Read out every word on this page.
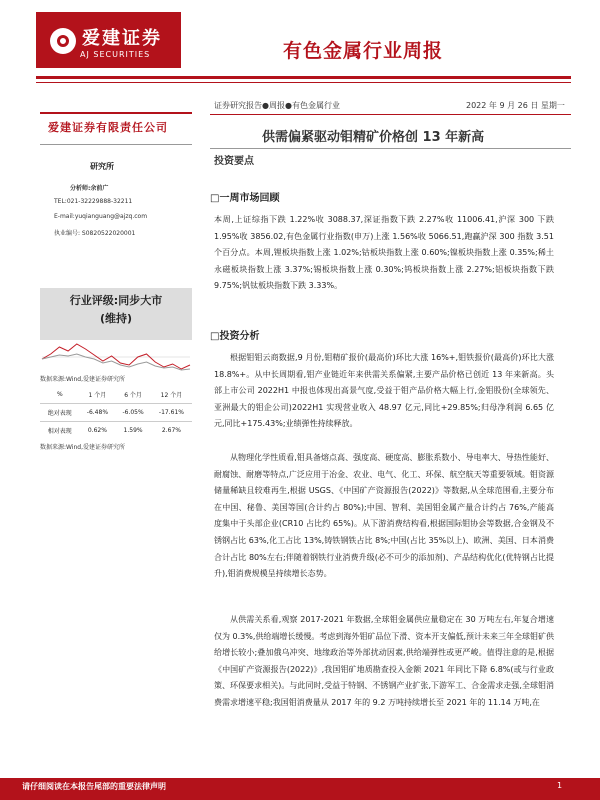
爱建证券
AJ SECURITIES	有色金属行业周报
证券研究报告●周报●有色金属行业	2022 年 9 月 26 日 星期一
爱建证券有限责任公司
研究所
分析师:余前广
TEL:021-32229888-32211
E-mail:yuqianguang@ajzq.com
执业编号: S0820522020001
行业评级:同步大市
(维持)
数据来源:Wind,爱建证券研究所
%	1 个月	6 个月	12 个月
绝对表现	-6.48%	-6.05%	-17.61%
相对表现	0.62%	1.59%	2.67%
数据来源:Wind,爱建证券研究所
供需偏紧驱动钼精矿价格创 13 年新高
投资要点
□一周市场回顾
本周,上证综指下跌 1.22%收 3088.37,深证指数下跌 2.27%收 11006.41,沪深 300 下跌 1.95%收 3856.02,有色金属行业指数(申万)上涨 1.56%收 5066.51,跑赢沪深 300 指数 3.51 个百分点。本周,锂板块指数上涨 1.02%;钴板块指数上涨 0.60%;镍板块指数上涨 0.35%;稀土永磁板块指数上涨 3.37%;锡板块指数上涨 0.30%;钨板块指数上涨 2.27%;铝板块指数下跌 9.75%;钒钛板块指数下跌 3.33%。
□投资分析
根据钼钼云商数据,9 月份,钼精矿报价(最高价)环比大涨 16%+,钼铁报价(最高价)环比大涨 18.8%+。从中长周期看,钼产业链近年来供需关系偏紧,主要产品价格已创近 13 年来新高。头部上市公司 2022H1 中报也体现出高景气度,受益于钼产品价格大幅上行,金钼股份(全球领先、亚洲最大的钼企公司)2022H1 实现营业收入 48.97 亿元,同比+29.85%;归母净利润 6.65 亿元,同比+175.43%;业绩弹性持续释放。
从物理化学性质看,钼具备熔点高、强度高、硬度高、膨胀系数小、导电率大、导热性能好、耐腐蚀、耐磨等特点,广泛应用于冶金、农业、电气、化工、环保、航空航天等重要领域。钼资源储量稀缺且较难再生,根据 USGS、《中国矿产资源报告(2022)》等数据,从全球范围看,主要分布在中国、秘鲁、美国等国(合计约占 80%);中国、智利、美国钼金属产量合计约占 76%,产能高度集中于头部企业(CR10 占比约 65%)。从下游消费结构看,根据国际钼协会等数据,合金钢及不锈钢占比 63%,化工占比 13%,铸铁钢铁占比 8%;中国(占比 35%以上)、欧洲、美国、日本消费合计占比 80%左右;伴随着钢铁行业消费升级(必不可少的添加剂)、产品结构优化(优特钢占比提升),钼消费规模呈持续增长态势。
从供需关系看,观察 2017-2021 年数据,全球钼金属供应量稳定在 30 万吨左右,年复合增速仅为 0.3%,供给端增长缓慢。考虑到海外钼矿品位下滑、资本开支偏低,预计未来三年全球钼矿供给增长较小;叠加俄乌冲突、地缘政治等外部扰动因素,供给端弹性或更严峻。值得注意的是,根据《中国矿产资源报告(2022)》,我国钼矿地质勘查投入金额 2021 年同比下降 6.8%(或与行业政策、环保要求相关)。与此同时,受益于特钢、不锈钢产业扩张,下游军工、合金需求走强,全球钼消费需求增速平稳;我国钼消费量从 2017 年的 9.2 万吨持续增长至 2021 年的 11.14 万吨,在
请仔细阅读在本报告尾部的重要法律声明	1
